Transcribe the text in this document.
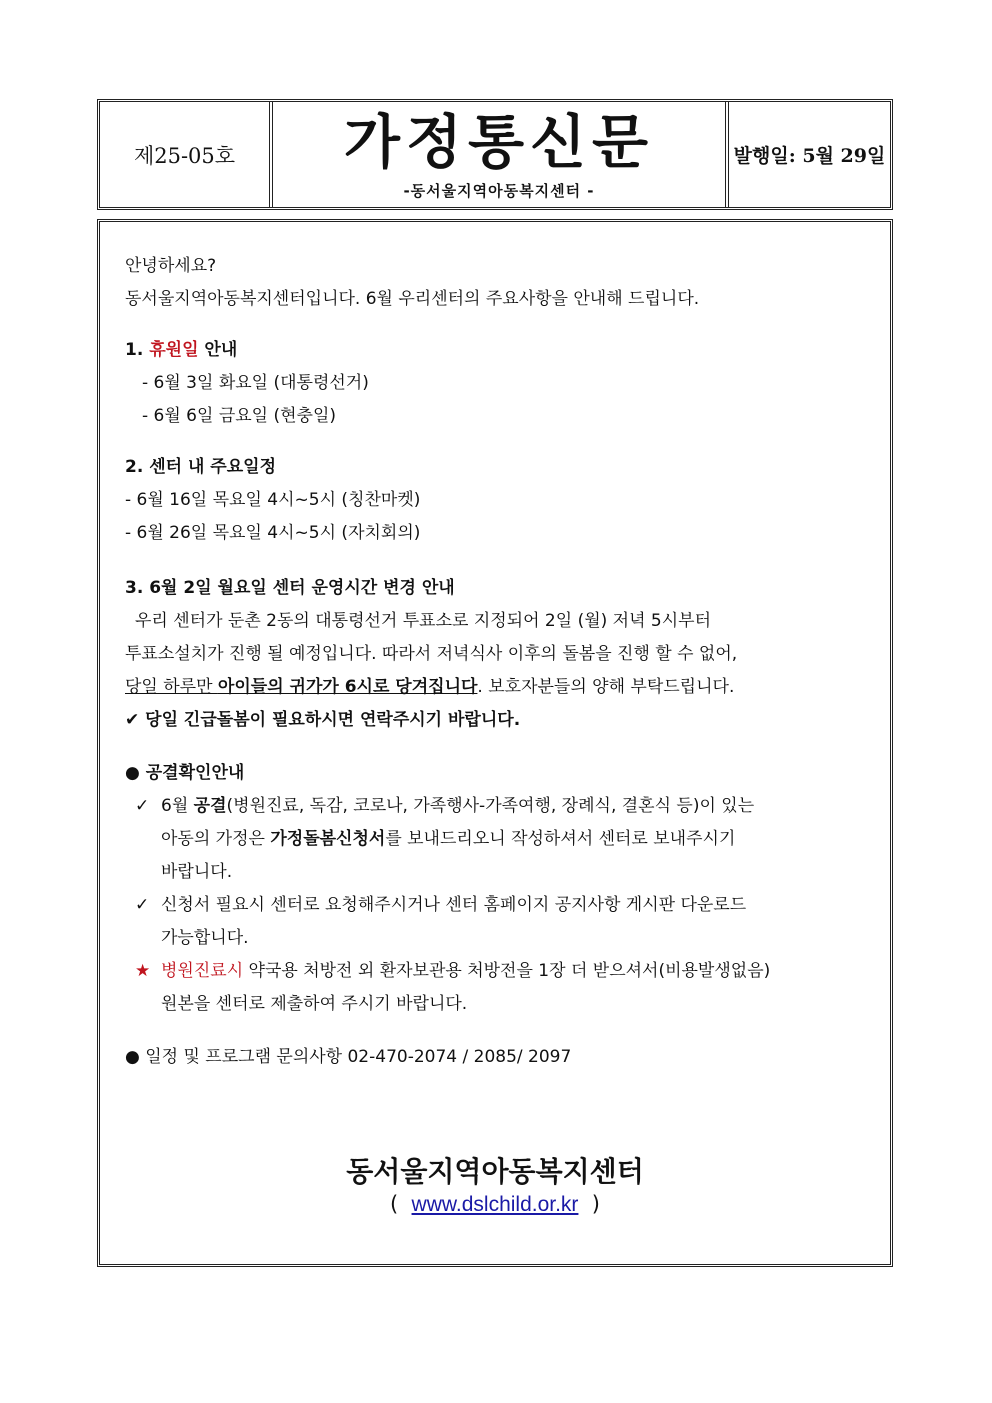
제25-05호	가정통신문
-동서울지역아동복지센터 -
발행일: 5월 29일

안녕하세요?

동서울지역아동복지센터입니다. 6월 우리센터의 주요사항을 안내해 드립니다.

1. 휴원일 안내

- 6월 3일 화요일 (대통령선거)

- 6월 6일 금요일 (현충일)

2. 센터 내 주요일정

- 6월 16일 목요일 4시~5시 (칭찬마켓)

- 6월 26일 목요일 4시~5시 (자치회의)

3. 6월 2일 월요일 센터 운영시간 변경 안내

우리 센터가 둔촌 2동의 대통령선거 투표소로 지정되어 2일 (월) 저녁 5시부터

투표소설치가 진행 될 예정입니다. 따라서 저녁식사 이후의 돌봄을 진행 할 수 없어,

당일 하루만 아이들의 귀가가 6시로 당겨집니다. 보호자분들의 양해 부탁드립니다.

✔ 당일 긴급돌봄이 필요하시면 연락주시기 바랍니다.

● 공결확인안내

✓ 6월 공결(병원진료, 독감, 코로나, 가족행사-가족여행, 장례식, 결혼식 등)이 있는

아동의 가정은 가정돌봄신청서를 보내드리오니 작성하셔서 센터로 보내주시기

바랍니다.

✓ 신청서 필요시 센터로 요청해주시거나 센터 홈페이지 공지사항 게시판 다운로드

가능합니다.

★ 병원진료시 약국용 처방전 외 환자보관용 처방전을 1장 더 받으셔서(비용발생없음)

원본을 센터로 제출하여 주시기 바랍니다.

● 일정 및 프로그램 문의사항 02-470-2074 / 2085/ 2097

동서울지역아동복지센터
( www.dslchild.or.kr )
